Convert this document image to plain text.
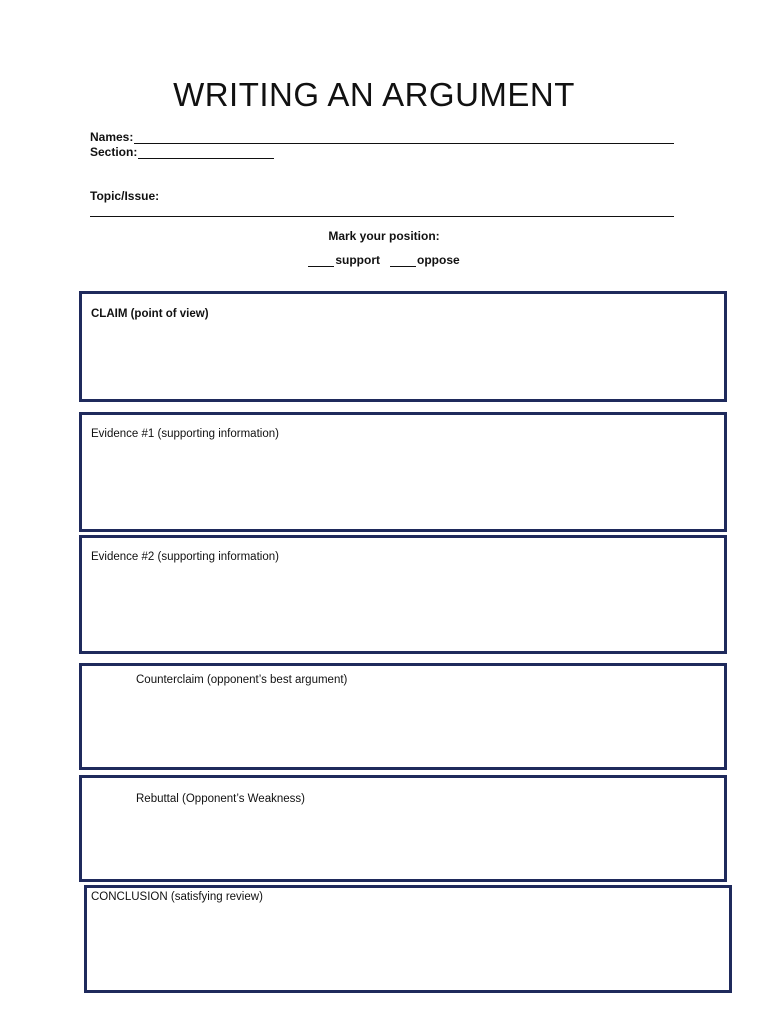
WRITING AN ARGUMENT
Names:
Section:
Topic/Issue:
Mark your position:
support	oppose
CLAIM (point of view)
Evidence #1 (supporting information)
Evidence #2 (supporting information)
Counterclaim (opponent’s best argument)
Rebuttal (Opponent’s Weakness)
CONCLUSION (satisfying review)
